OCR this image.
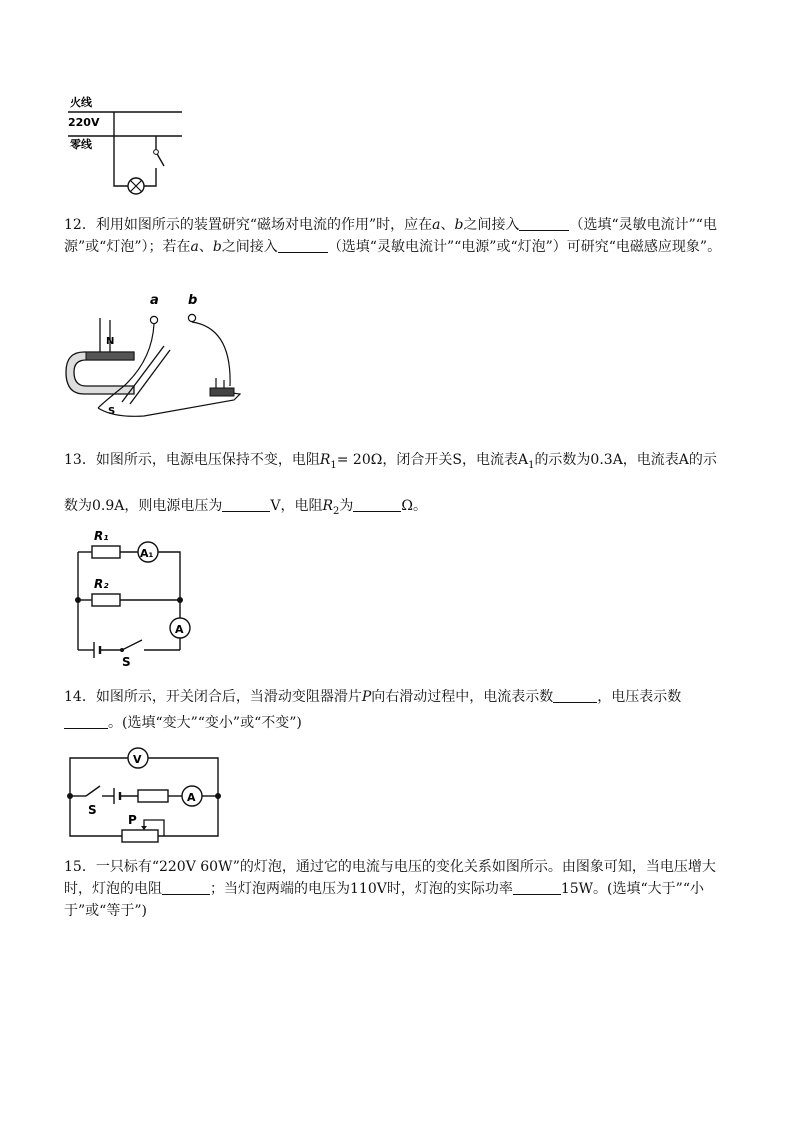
火线
220V
零线

12．利用如图所示的装置研究“磁场对电流的作用”时，应在a、b之间接入	（选填“灵敏电流计”“电源”或“灯泡”）；若在a、b之间接入	（选填“灵敏电流计”“电源”或“灯泡”）可研究“电磁感应现象”。

a b
N
S

13．如图所示，电源电压保持不变，电阻$R_1= 20\Omega$，闭合开关S，电流表$A_1$的示数为0.3A，电流表A的示
数为0.9A，则电源电压为	V，电阻$R_2$为	Ω。

R₁
A₁
R₂
A
S

14．如图所示，开关闭合后，当滑动变阻器滑片P向右滑动过程中，电流表示数	，电压表示数
。(选填“变大”“变小”或“不变”)

V
S
A
P

15．一只标有“220V 60W”的灯泡，通过它的电流与电压的变化关系如图所示。由图象可知，当电压增大时，灯泡的电阻	；当灯泡两端的电压为110V时，灯泡的实际功率	15W。(选填“大于”“小于”或“等于”)
